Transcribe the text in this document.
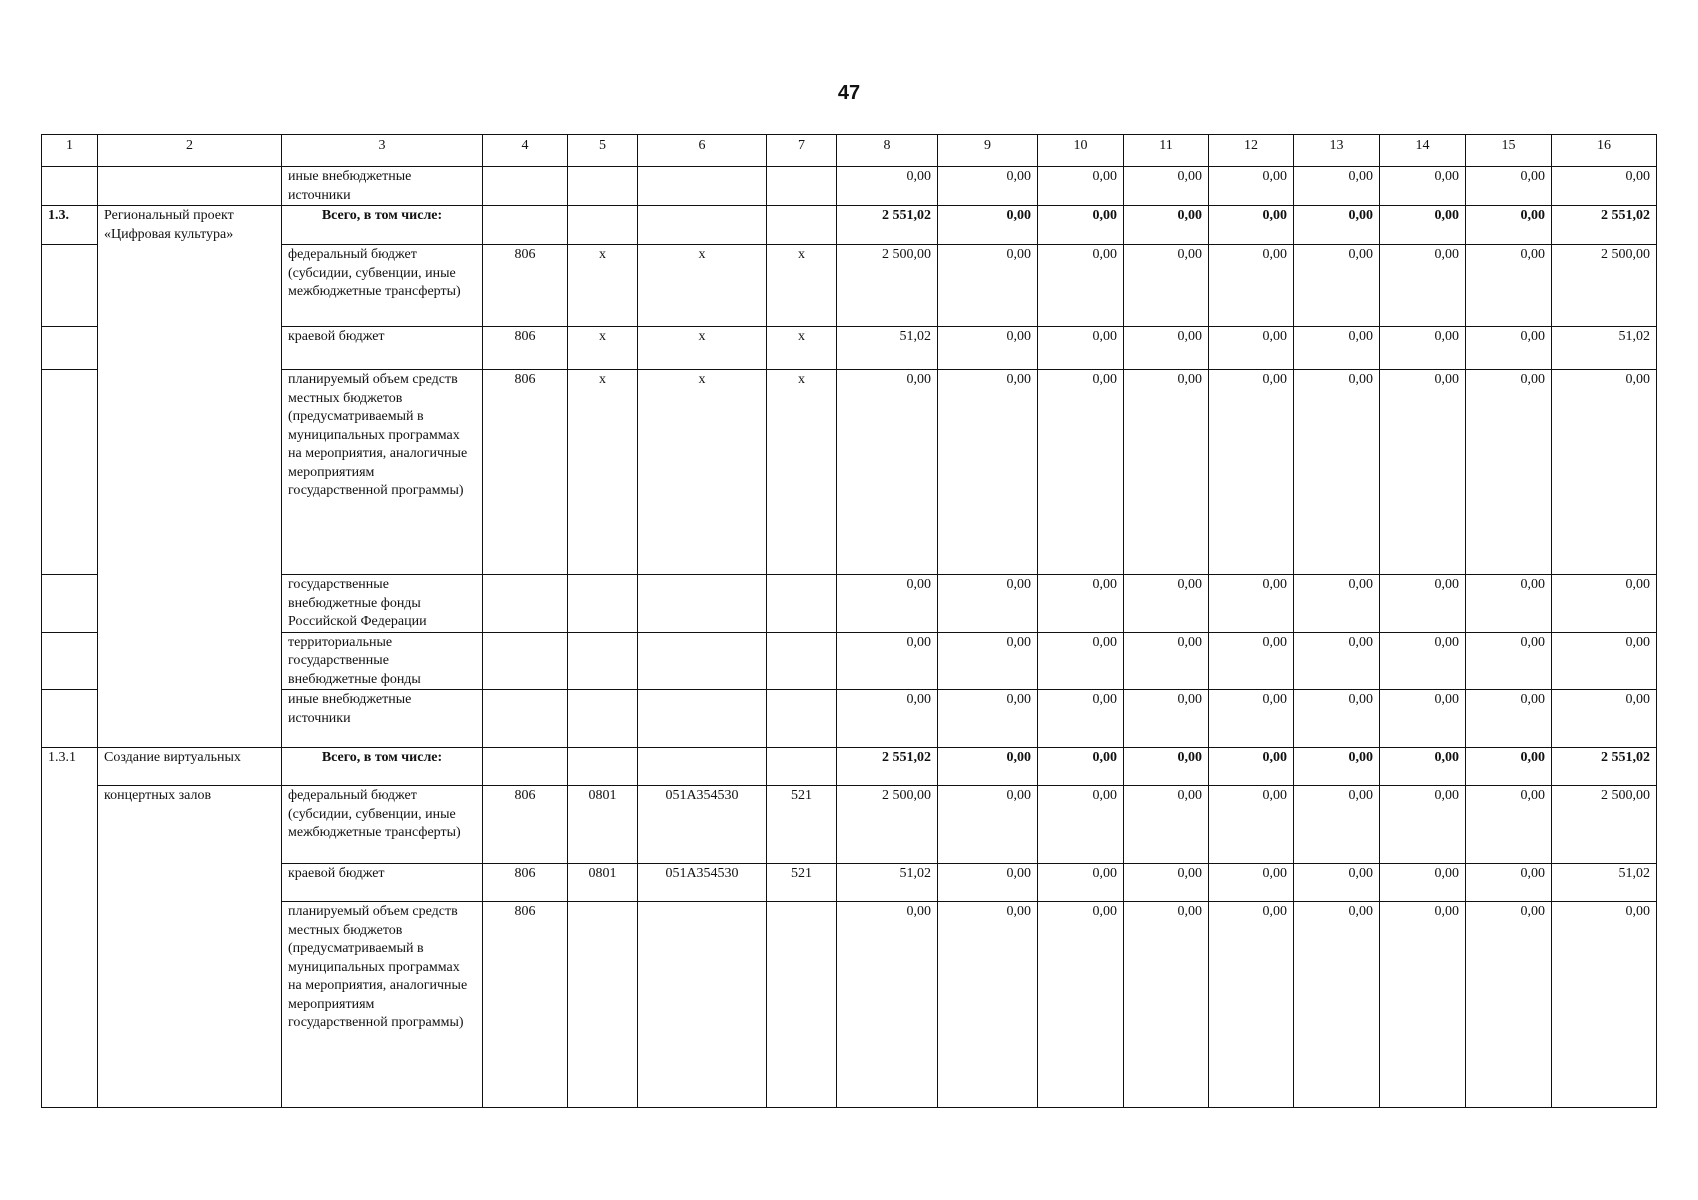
47
1	2	3	4	5	6	7	8	9	10	11	12	13	14	15	16
		иные внебюджетные источники					0,00	0,00	0,00	0,00	0,00	0,00	0,00	0,00	0,00
1.3.	Региональный проект «Цифровая культура»	Всего, в том числе:					2 551,02	0,00	0,00	0,00	0,00	0,00	0,00	0,00	2 551,02
		федеральный бюджет (субсидии, субвенции, иные межбюджетные трансферты)	806	x	x	x	2 500,00	0,00	0,00	0,00	0,00	0,00	0,00	0,00	2 500,00
		краевой бюджет	806	x	x	x	51,02	0,00	0,00	0,00	0,00	0,00	0,00	0,00	51,02
		планируемый объем средств местных бюджетов (предусматриваемый в муниципальных программах на мероприятия, аналогичные мероприятиям государственной программы)	806	x	x	x	0,00	0,00	0,00	0,00	0,00	0,00	0,00	0,00	0,00
		государственные внебюджетные фонды Российской Федерации					0,00	0,00	0,00	0,00	0,00	0,00	0,00	0,00	0,00
		территориальные государственные внебюджетные фонды					0,00	0,00	0,00	0,00	0,00	0,00	0,00	0,00	0,00
		иные внебюджетные источники					0,00	0,00	0,00	0,00	0,00	0,00	0,00	0,00	0,00
1.3.1	Создание виртуальных	Всего, в том числе:					2 551,02	0,00	0,00	0,00	0,00	0,00	0,00	0,00	2 551,02
	концертных залов	федеральный бюджет (субсидии, субвенции, иные межбюджетные трансферты)	806	0801	051A354530	521	2 500,00	0,00	0,00	0,00	0,00	0,00	0,00	0,00	2 500,00
		краевой бюджет	806	0801	051A354530	521	51,02	0,00	0,00	0,00	0,00	0,00	0,00	0,00	51,02
		планируемый объем средств местных бюджетов (предусматриваемый в муниципальных программах на мероприятия, аналогичные мероприятиям государственной программы)	806				0,00	0,00	0,00	0,00	0,00	0,00	0,00	0,00	0,00
